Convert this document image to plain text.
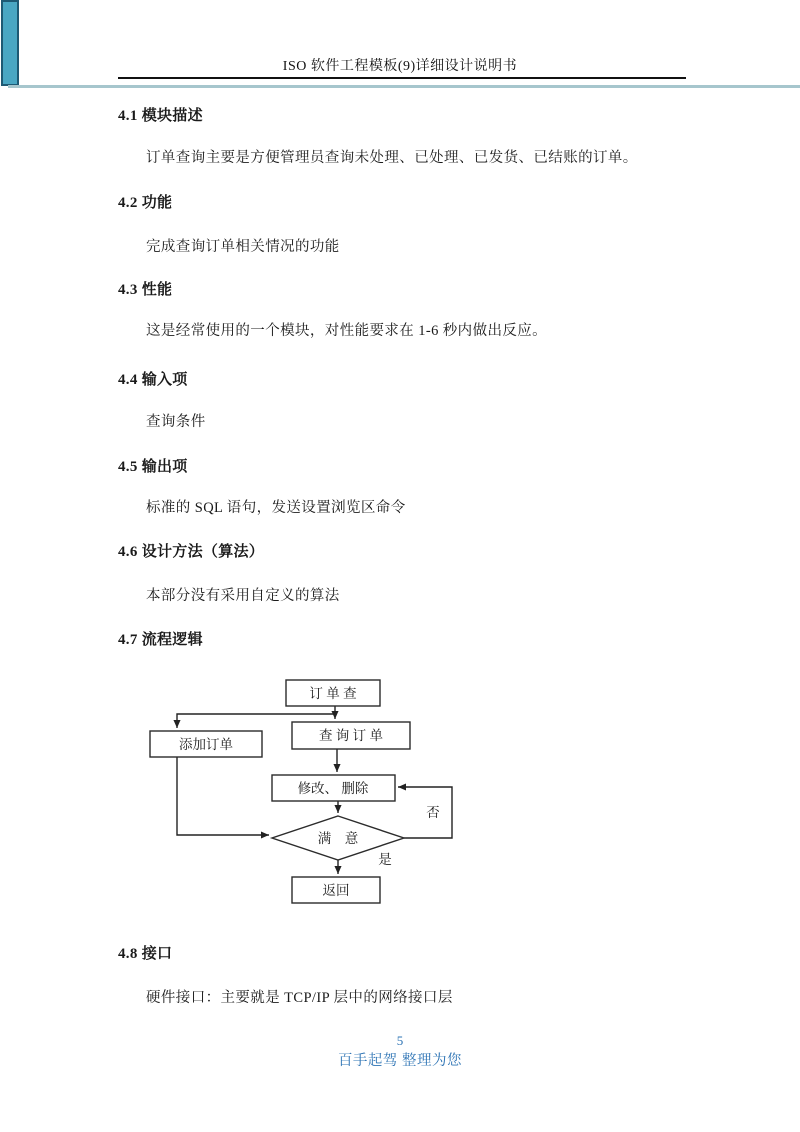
ISO 软件工程模板(9)详细设计说明书
4.1 模块描述
订单查询主要是方便管理员查询未处理、已处理、已发货、已结账的订单。
4.2 功能
完成查询订单相关情况的功能
4.3 性能
这是经常使用的一个模块，对性能要求在 1-6 秒内做出反应。
4.4 输入项
查询条件
4.5 输出项
标准的 SQL 语句，发送设置浏览区命令
4.6 设计方法（算法）
本部分没有采用自定义的算法
4.7 流程逻辑
订 单 查
查 询 订 单
添加订单
修改、 删除
满　意
返回
否
是
4.8 接口
硬件接口：主要就是 TCP/IP 层中的网络接口层
5
百手起驾 整理为您
